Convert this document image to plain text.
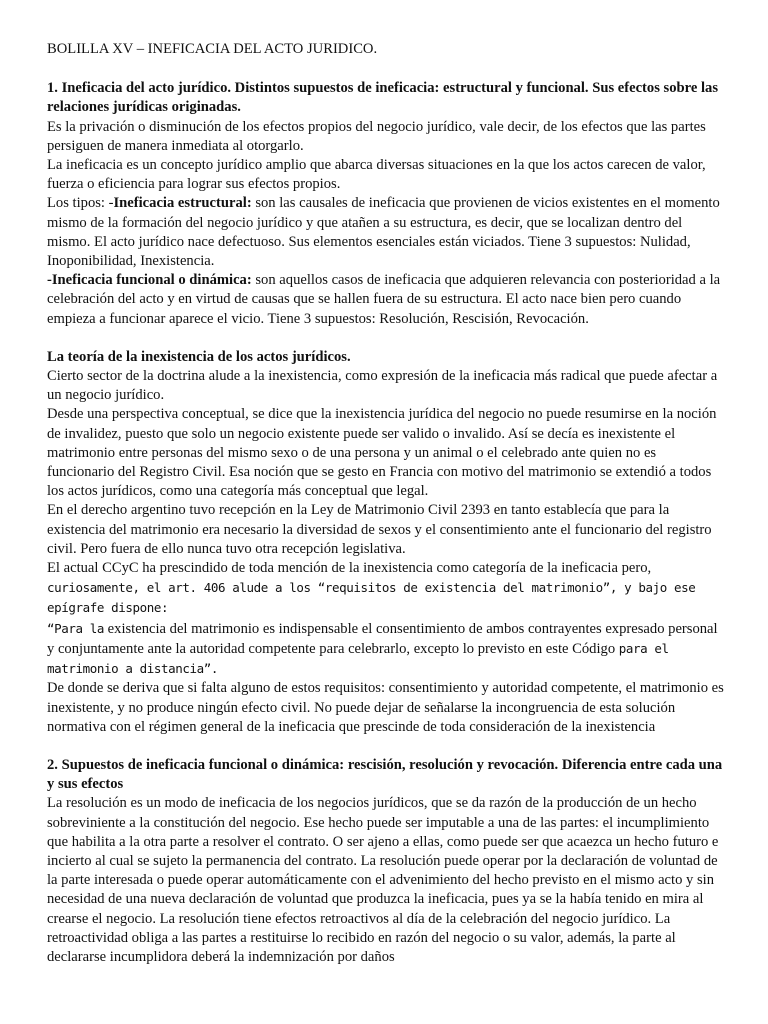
BOLILLA XV – INEFICACIA DEL ACTO JURIDICO.

1. Ineficacia del acto jurídico. Distintos supuestos de ineficacia: estructural y funcional. Sus efectos sobre las relaciones jurídicas originadas.

Es la privación o disminución de los efectos propios del negocio jurídico, vale decir, de los efectos que las partes persiguen de manera inmediata al otorgarlo.

La ineficacia es un concepto jurídico amplio que abarca diversas situaciones en la que los actos carecen de valor, fuerza o eficiencia para lograr sus efectos propios.

Los tipos: -Ineficacia estructural: son las causales de ineficacia que provienen de vicios existentes en el momento mismo de la formación del negocio jurídico y que atañen a su estructura, es decir, que se localizan dentro del mismo. El acto jurídico nace defectuoso. Sus elementos esenciales están viciados. Tiene 3 supuestos: Nulidad, Inoponibilidad, Inexistencia.

-Ineficacia funcional o dinámica: son aquellos casos de ineficacia que adquieren relevancia con posterioridad a la celebración del acto y en virtud de causas que se hallen fuera de su estructura. El acto nace bien pero cuando empieza a funcionar aparece el vicio. Tiene 3 supuestos: Resolución, Rescisión, Revocación.

La teoría de la inexistencia de los actos jurídicos.

Cierto sector de la doctrina alude a la inexistencia, como expresión de la ineficacia más radical que puede afectar a un negocio jurídico.

Desde una perspectiva conceptual, se dice que la inexistencia jurídica del negocio no puede resumirse en la noción de invalidez, puesto que solo un negocio existente puede ser valido o invalido. Así se decía es inexistente el matrimonio entre personas del mismo sexo o de una persona y un animal o el celebrado ante quien no es funcionario del Registro Civil. Esa noción que se gesto en Francia con motivo del matrimonio se extendió a todos los actos jurídicos, como una categoría más conceptual que legal.

En el derecho argentino tuvo recepción en la Ley de Matrimonio Civil 2393 en tanto establecía que para la existencia del matrimonio era necesario la diversidad de sexos y el consentimiento ante el funcionario del registro civil. Pero fuera de ello nunca tuvo otra recepción legislativa.

El actual CCyC ha prescindido de toda mención de la inexistencia como categoría de la ineficacia pero,
curiosamente, el art. 406 alude a los “requisitos de existencia del matrimonio”, y bajo ese epígrafe dispone:

“Para la existencia del matrimonio es indispensable el consentimiento de ambos contrayentes expresado personal y conjuntamente ante la autoridad competente para celebrarlo, excepto lo previsto en este Código para el matrimonio a distancia”.

De donde se deriva que si falta alguno de estos requisitos: consentimiento y autoridad competente, el matrimonio es inexistente, y no produce ningún efecto civil. No puede dejar de señalarse la incongruencia de esta solución normativa con el régimen general de la ineficacia que prescinde de toda consideración de la inexistencia

2. Supuestos de ineficacia funcional o dinámica: rescisión, resolución y revocación. Diferencia entre cada una y sus efectos

La resolución es un modo de ineficacia de los negocios jurídicos, que se da razón de la producción de un hecho sobreviniente a la constitución del negocio. Ese hecho puede ser imputable a una de las partes: el incumplimiento que habilita a la otra parte a resolver el contrato. O ser ajeno a ellas, como puede ser que acaezca un hecho futuro e incierto al cual se sujeto la permanencia del contrato. La resolución puede operar por la declaración de voluntad de la parte interesada o puede operar automáticamente con el advenimiento del hecho previsto en el mismo acto y sin necesidad de una nueva declaración de voluntad que produzca la ineficacia, pues ya se la había tenido en mira al crearse el negocio. La resolución tiene efectos retroactivos al día de la celebración del negocio jurídico. La retroactividad obliga a las partes a restituirse lo recibido en razón del negocio o su valor, además, la parte al declararse incumplidora deberá la indemnización por daños
